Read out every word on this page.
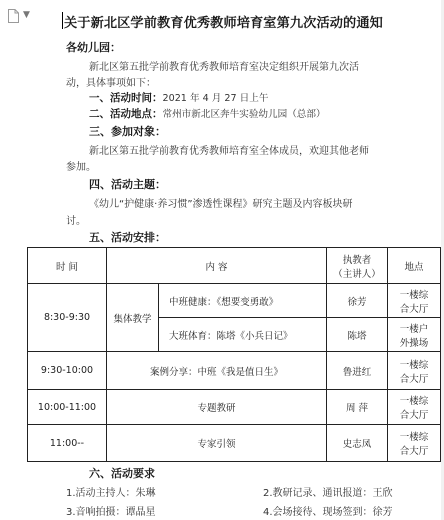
▼
关于新北区学前教育优秀教师培育室第九次活动的通知
各幼儿园：
新北区第五批学前教育优秀教师培育室决定组织开展第九次活
动，具体事项如下：
一、活动时间：2021 年 4 月 27 日上午
二、活动地点：常州市新北区奔牛实验幼儿园（总部）
三、参加对象：
新北区第五批学前教育优秀教师培育室全体成员，欢迎其他老师
参加。
四、活动主题：
《幼儿“护健康·养习惯”渗透性课程》研究主题及内容板块研
讨。
五、活动安排：
时 间	内 容		执教者
（主讲人）	地点
8:30-9:30	集体教学	中班健康：《想要变勇敢》	徐芳	一楼综
合大厅

		大班体育：陈塔《小兵日记》	陈塔	一楼户
外操场

9:30-10:00	案例分享：中班《我是值日生》		鲁进红	一楼综
合大厅

10:00-11:00	专题教研		周 萍	一楼综
合大厅

11:00--	专家引领		史志凤	一楼综
合大厅
六、活动要求
1.活动主持人：朱琳	2.教研记录、通讯报道：王欣
3.音响拍摄：谭晶星	4.会场接待、现场签到：徐芳
